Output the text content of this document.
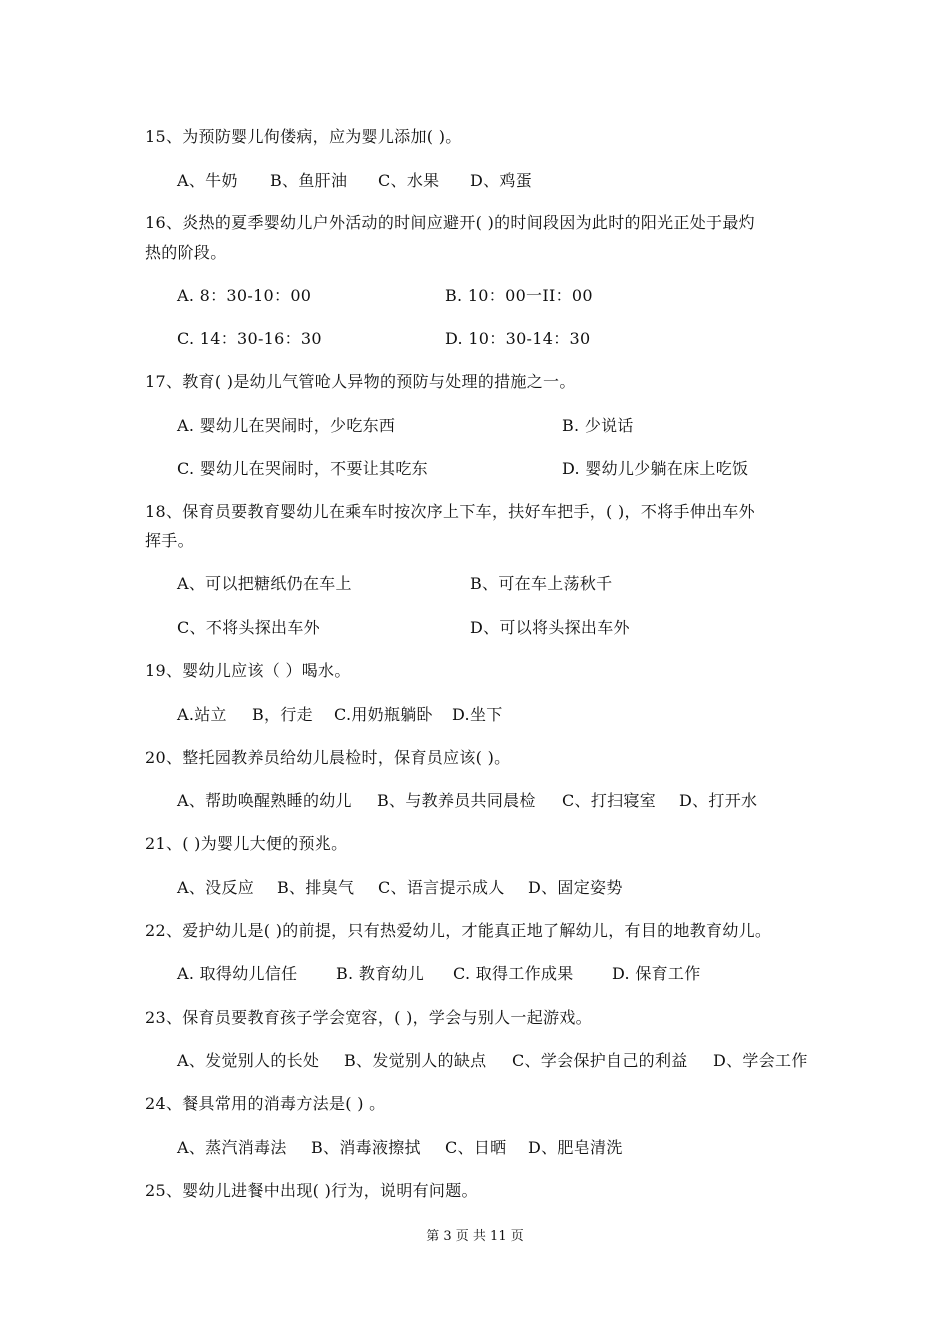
15、为预防婴儿佝偻病，应为婴儿添加( )。
A、牛奶 B、鱼肝油 C、水果 D、鸡蛋
16、炎热的夏季婴幼儿户外活动的时间应避开( )的时间段因为此时的阳光正处于最灼
热的阶段。
A. 8：30-10：00	B. 10：00一II：00
C. 14：30-16：30	D. 10：30-14：30
17、教育( )是幼儿气管呛人异物的预防与处理的措施之一。
A. 婴幼儿在哭闹时，少吃东西	B. 少说话
C. 婴幼儿在哭闹时，不要让其吃东	D. 婴幼儿少躺在床上吃饭
18、保育员要教育婴幼儿在乘车时按次序上下车，扶好车把手，( )，不将手伸出车外
挥手。
A、可以把糖纸仍在车上	B、可在车上荡秋千
C、不将头探出车外	D、可以将头探出车外
19、婴幼儿应该（ ）喝水。
A.站立 B，行走 C.用奶瓶躺卧 D.坐下
20、整托园教养员给幼儿晨检时，保育员应该( )。
A、帮助唤醒熟睡的幼儿 B、与教养员共同晨检 C、打扫寝室 D、打开水
21、( )为婴儿大便的预兆。
A、没反应 B、排臭气 C、语言提示成人 D、固定姿势
22、爱护幼儿是( )的前提，只有热爱幼儿，才能真正地了解幼儿，有目的地教育幼儿。
A. 取得幼儿信任 B. 教育幼儿 C. 取得工作成果 D. 保育工作
23、保育员要教育孩子学会宽容，( )，学会与别人一起游戏。
A、发觉别人的长处 B、发觉别人的缺点 C、学会保护自己的利益 D、学会工作
24、餐具常用的消毒方法是( ) 。
A、蒸汽消毒法 B、消毒液擦拭 C、日晒 D、肥皂清洗
25、婴幼儿进餐中出现( )行为，说明有问题。
第 3 页 共 11 页
